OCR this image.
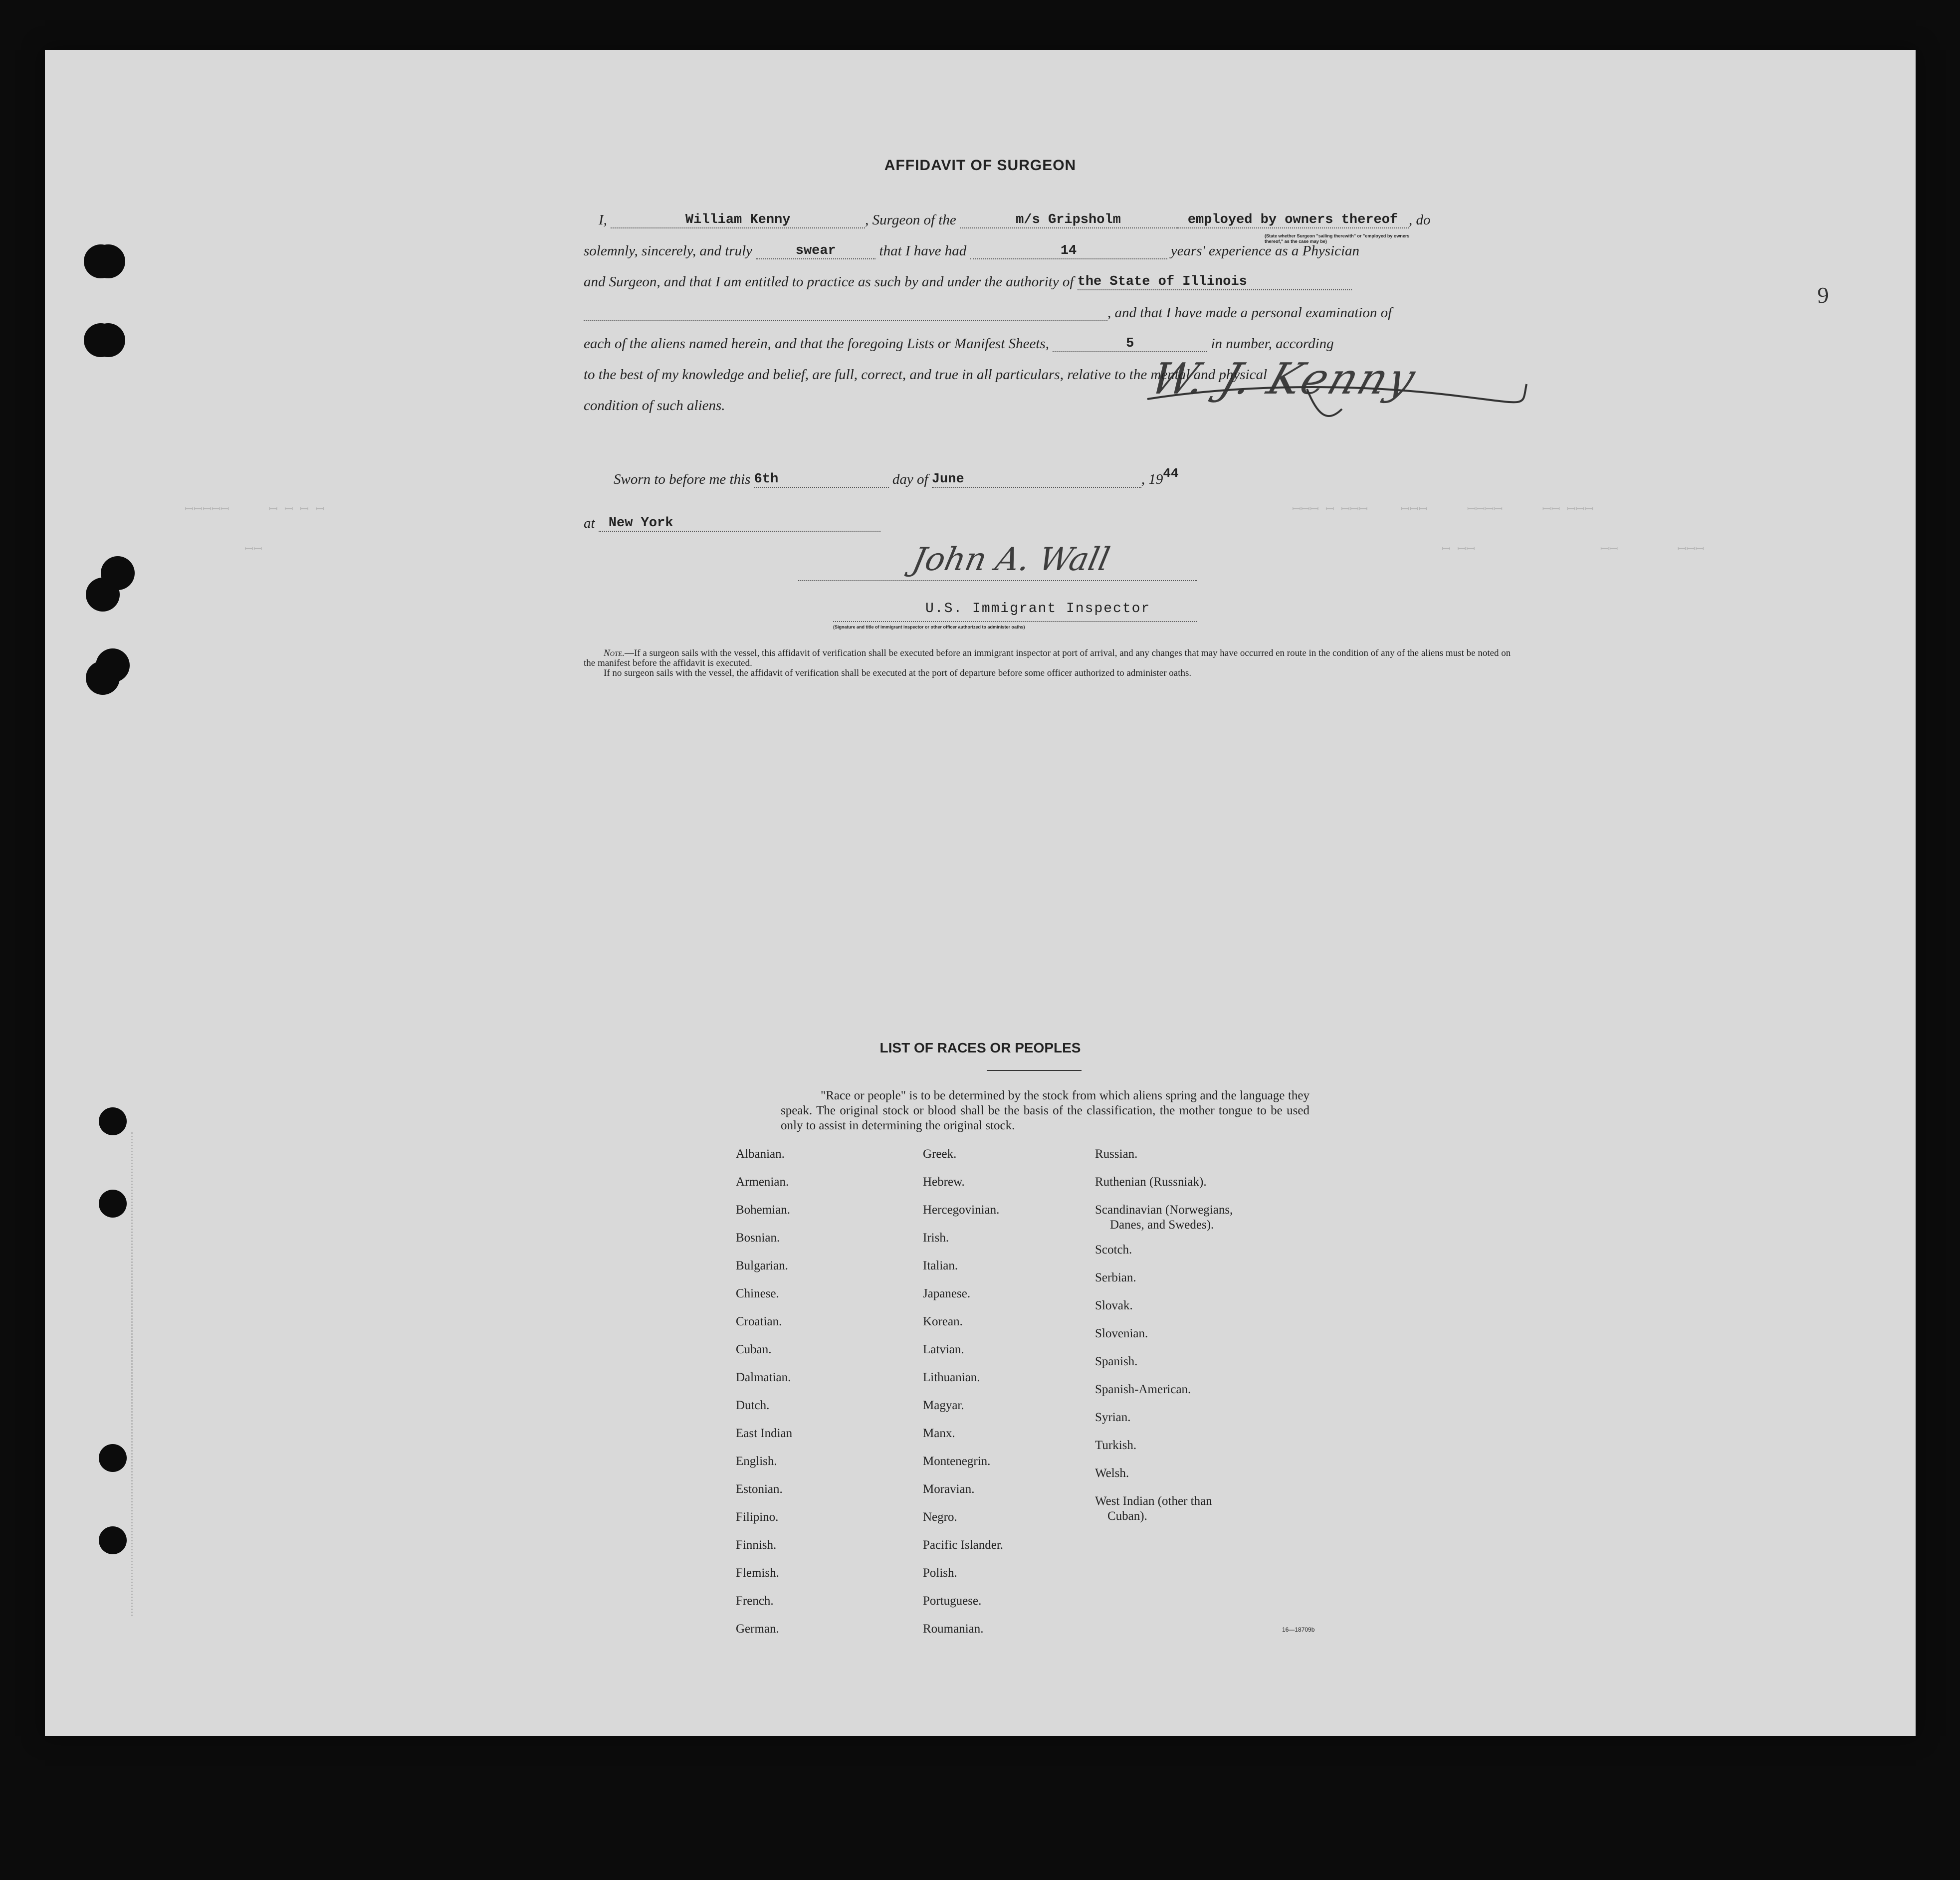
9
ꟷꟷꟷꟷꟷ      ꟷ ꟷ ꟷ ꟷ	ꟷꟷꟷ ꟷ ꟷꟷꟷ     ꟷꟷꟷ      ꟷꟷꟷꟷ      ꟷꟷ ꟷꟷꟷ
ꟷ ꟷꟷ                   ꟷꟷ         ꟷꟷꟷ
ꟷꟷ
AFFIDAVIT OF SURGEON
I,	William Kenny	, Surgeon of the	m/s Gripsholm	employed by owners thereof , do
(State whether Surgeon "sailing therewith" or "employed by owners thereof," as the case may be)
solemnly, sincerely, and truly	swear	that I have had	14	years' experience as a Physician
and Surgeon, and that I am entitled to practice as such by and under the authority of the State of Illinois
, and that I have made a personal examination of
each of the aliens named herein, and that the foregoing Lists or Manifest Sheets,	5	in number, according
to the best of my knowledge and belief, are full, correct, and true in all particulars, relative to the mental and physical
condition of such aliens.
Sworn to before me this 6th	day of June	, 1944
at New York
W. J. Kenny
John A. Wall
U.S. Immigrant Inspector
(Signature and title of immigrant inspector or other officer authorized to administer oaths)
Note.—If a surgeon sails with the vessel, this affidavit of verification shall be executed before an immigrant inspector at port of arrival, and any changes that may have occurred en route in the condition of any of the aliens must be noted on the manifest before the affidavit is executed.
If no surgeon sails with the vessel, the affidavit of verification shall be executed at the port of departure before some officer authorized to administer oaths.
LIST OF RACES OR PEOPLES
"Race or people" is to be determined by the stock from which aliens spring and the language they speak. The original stock or blood shall be the basis of the classification, the mother tongue to be used only to assist in determining the original stock.
Albanian.
Armenian.
Bohemian.
Bosnian.
Bulgarian.
Chinese.
Croatian.
Cuban.
Dalmatian.
Dutch.
East Indian
English.
Estonian.
Filipino.
Finnish.
Flemish.
French.
German.
Greek.
Hebrew.
Hercegovinian.
Irish.
Italian.
Japanese.
Korean.
Latvian.
Lithuanian.
Magyar.
Manx.
Montenegrin.
Moravian.
Negro.
Pacific Islander.
Polish.
Portuguese.
Roumanian.
Russian.
Ruthenian (Russniak).
Scandinavian (Norwegians,
Danes, and Swedes).
Scotch.
Serbian.
Slovak.
Slovenian.
Spanish.
Spanish-American.
Syrian.
Turkish.
Welsh.
West Indian (other than
Cuban).
16—18709b
